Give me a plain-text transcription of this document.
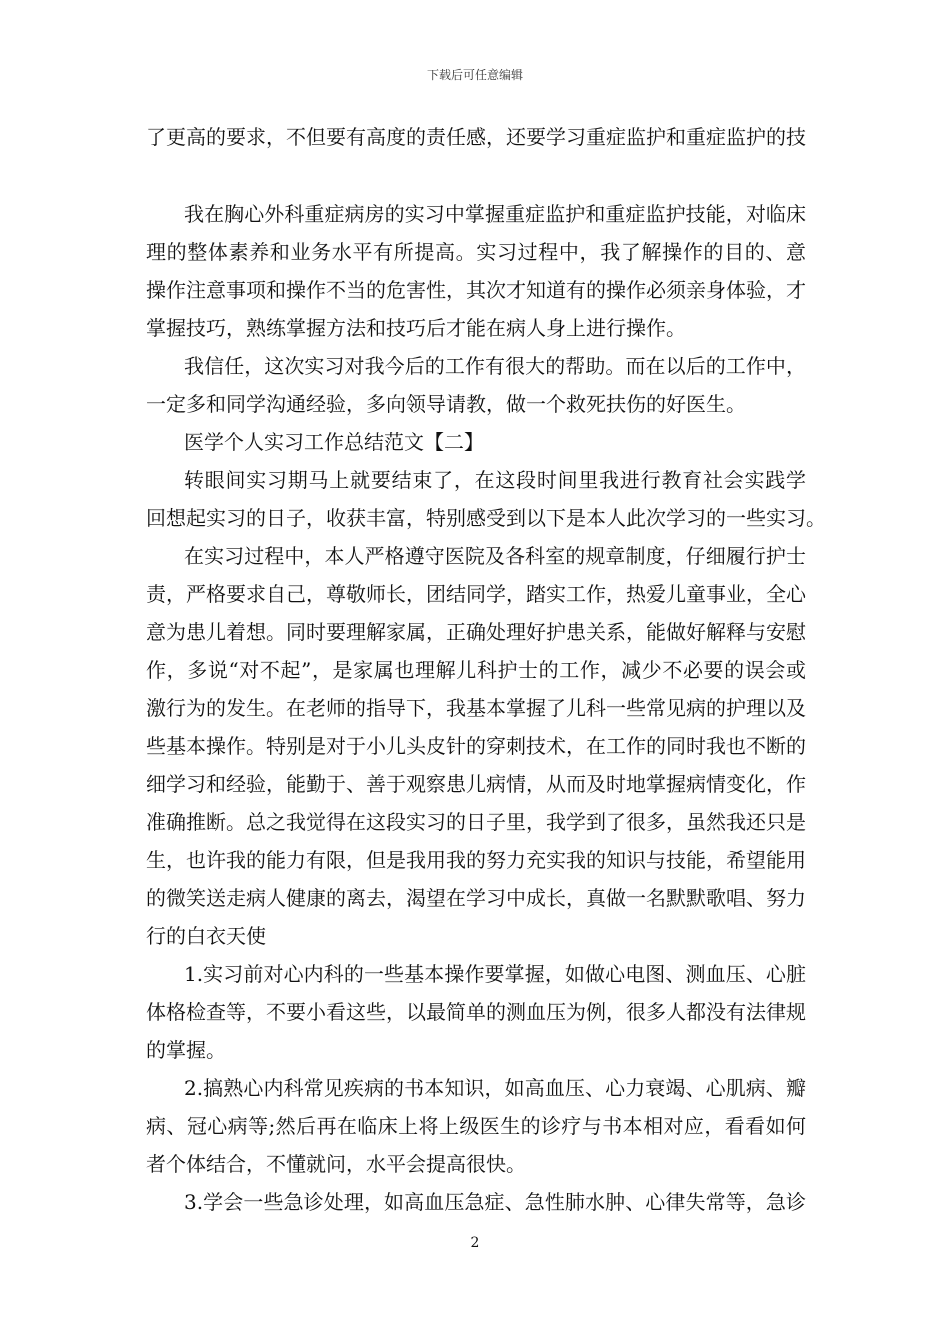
下载后可任意编辑
了更高的要求，不但要有高度的责任感，还要学习重症监护和重症监护的技
我在胸心外科重症病房的实习中掌握重症监护和重症监护技能，对临床
理的整体素养和业务水平有所提高。实习过程中，我了解操作的目的、意
操作注意事项和操作不当的危害性，其次才知道有的操作必须亲身体验，才
掌握技巧，熟练掌握方法和技巧后才能在病人身上进行操作。
我信任，这次实习对我今后的工作有很大的帮助。而在以后的工作中，
一定多和同学沟通经验，多向领导请教，做一个救死扶伤的好医生。
医学个人实习工作总结范文【二】
转眼间实习期马上就要结束了，在这段时间里我进行教育社会实践学
回想起实习的日子，收获丰富，特别感受到以下是本人此次学习的一些实习。
在实习过程中，本人严格遵守医院及各科室的规章制度，仔细履行护士
责，严格要求自己，尊敬师长，团结同学，踏实工作，热爱儿童事业，全心
意为患儿着想。同时要理解家属，正确处理好护患关系，能做好解释与安慰
作，多说“对不起”，是家属也理解儿科护士的工作，减少不必要的误会或
激行为的发生。在老师的指导下，我基本掌握了儿科一些常见病的护理以及
些基本操作。特别是对于小儿头皮针的穿刺技术，在工作的同时我也不断的
细学习和经验，能勤于、善于观察患儿病情，从而及时地掌握病情变化，作
准确推断。总之我觉得在这段实习的日子里，我学到了很多，虽然我还只是
生，也许我的能力有限，但是我用我的努力充实我的知识与技能，希望能用
的微笑送走病人健康的离去，渴望在学习中成长，真做一名默默歌唱、努力
行的白衣天使
1.实习前对心内科的一些基本操作要掌握，如做心电图、测血压、心脏
体格检查等，不要小看这些，以最简单的测血压为例，很多人都没有法律规
的掌握。
2.搞熟心内科常见疾病的书本知识，如高血压、心力衰竭、心肌病、瓣
病、冠心病等;然后再在临床上将上级医生的诊疗与书本相对应，看看如何
者个体结合，不懂就问，水平会提高很快。
3.学会一些急诊处理，如高血压急症、急性肺水肿、心律失常等，急诊
2
